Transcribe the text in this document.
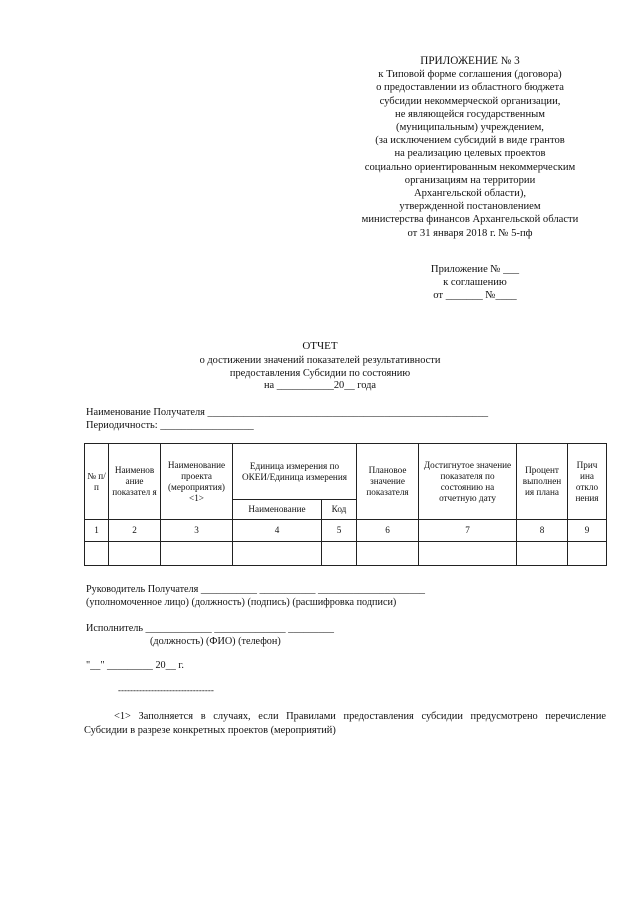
ПРИЛОЖЕНИЕ № 3
к Типовой форме соглашения (договора)
о предоставлении из областного бюджета
субсидии некоммерческой организации,
не являющейся государственным
(муниципальным) учреждением,
(за исключением субсидий в виде грантов
на реализацию целевых проектов
социально ориентированным некоммерческим
организациям на территории
Архангельской области),
утвержденной постановлением
министерства финансов Архангельской области
от 31 января 2018 г. № 5-пф
Приложение № ___
к соглашению
от _______ №____
ОТЧЕТ
о достижении значений показателей результативности
предоставления Субсидии по состоянию
на ___________20__ года
Наименование Получателя ______________________________________________________
Периодичность: __________________
№ п/п	Наименов ание показател я	Наименование проекта (мероприятия) <1>	Единица измерения по ОКЕИ/Единица измерения		Плановое значение показателя	Достигнутое значение показателя по состоянию на отчетную дату	Процент выполнен ия плана	Прич ина откло нения
			Наименование	Код				
1	2	3	4	5	6	7	8	9

Руководитель Получателя ___________ ___________ _____________________
(уполномоченное лицо) (должность) (подпись) (расшифровка подписи)
Исполнитель _____________ ______________ _________
(должность) (ФИО) (телефон)
"__" _________ 20__ г.
--------------------------------
<1> Заполняется в случаях, если Правилами предоставления субсидии предусмотрено перечисление Субсидии в разрезе конкретных проектов (мероприятий)
